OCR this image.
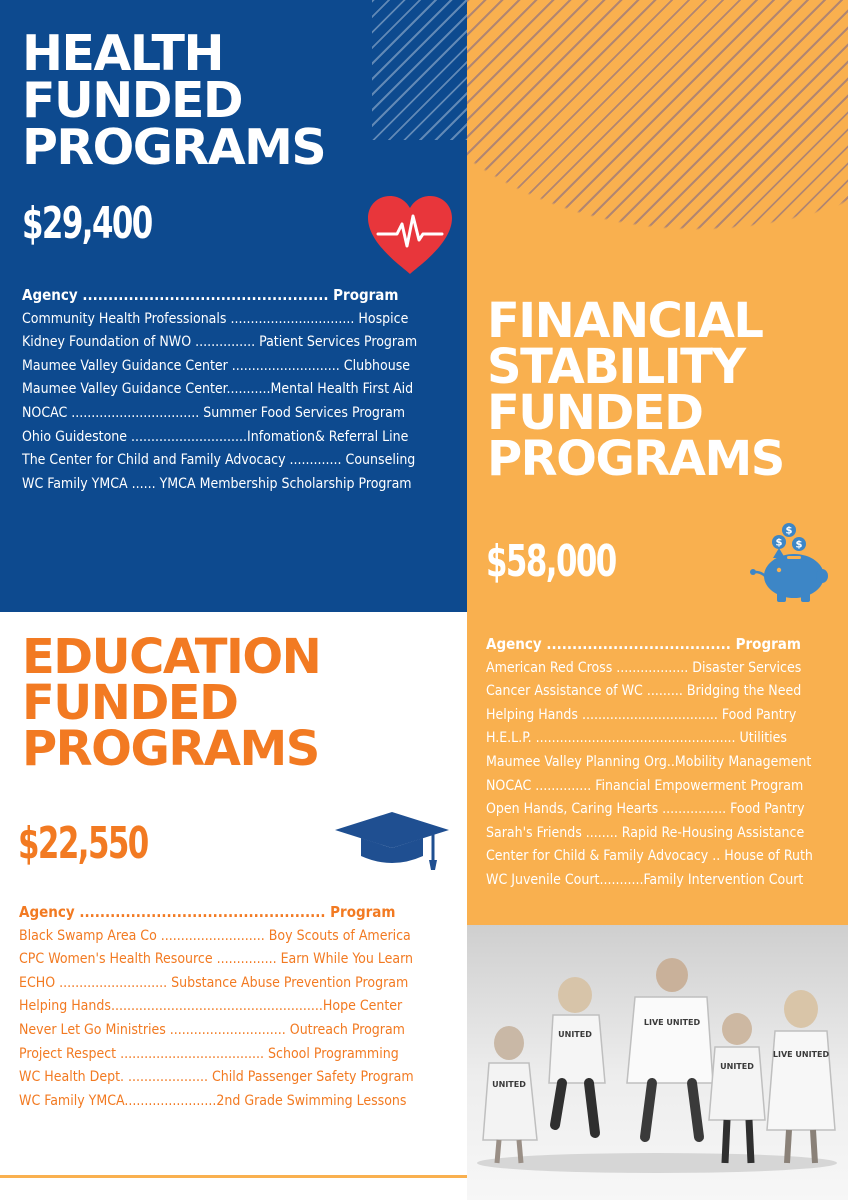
HEALTH
FUNDED
PROGRAMS
$29,400
Agency ................................................ Program
Community Health Professionals ............................... Hospice
Kidney Foundation of NWO ............... Patient Services Program
Maumee Valley Guidance Center ........................... Clubhouse
Maumee Valley Guidance Center...........Mental Health First Aid
NOCAC ................................ Summer Food Services Program
Ohio Guidestone .............................Infomation& Referral Line
The Center for Child and Family Advocacy ............. Counseling
WC Family YMCA ...... YMCA Membership Scholarship Program
FINANCIAL
STABILITY
FUNDED
PROGRAMS
$58,000
$
$ $
Agency .................................... Program
American Red Cross .................. Disaster Services
Cancer Assistance of WC ......... Bridging the Need
Helping Hands .................................. Food Pantry
H.E.L.P. .................................................. Utilities
Maumee Valley Planning Org..Mobility Management
NOCAC .............. Financial Empowerment Program
Open Hands, Caring Hearts ................ Food Pantry
Sarah's Friends ........ Rapid Re-Housing Assistance
Center for Child & Family Advocacy .. House of Ruth
WC Juvenile Court...........Family Intervention Court
EDUCATION
FUNDED
PROGRAMS
$22,550
Agency ................................................ Program
Black Swamp Area Co .......................... Boy Scouts of America
CPC Women's Health Resource ............... Earn While You Learn
ECHO ........................... Substance Abuse Prevention Program
Helping Hands.....................................................Hope Center
Never Let Go Ministries ............................. Outreach Program
Project Respect .................................... School Programming
WC Health Dept. .................... Child Passenger Safety Program
WC Family YMCA.......................2nd Grade Swimming Lessons
UNITED
UNITED
LIVE UNITED
UNITED
LIVE UNITED
